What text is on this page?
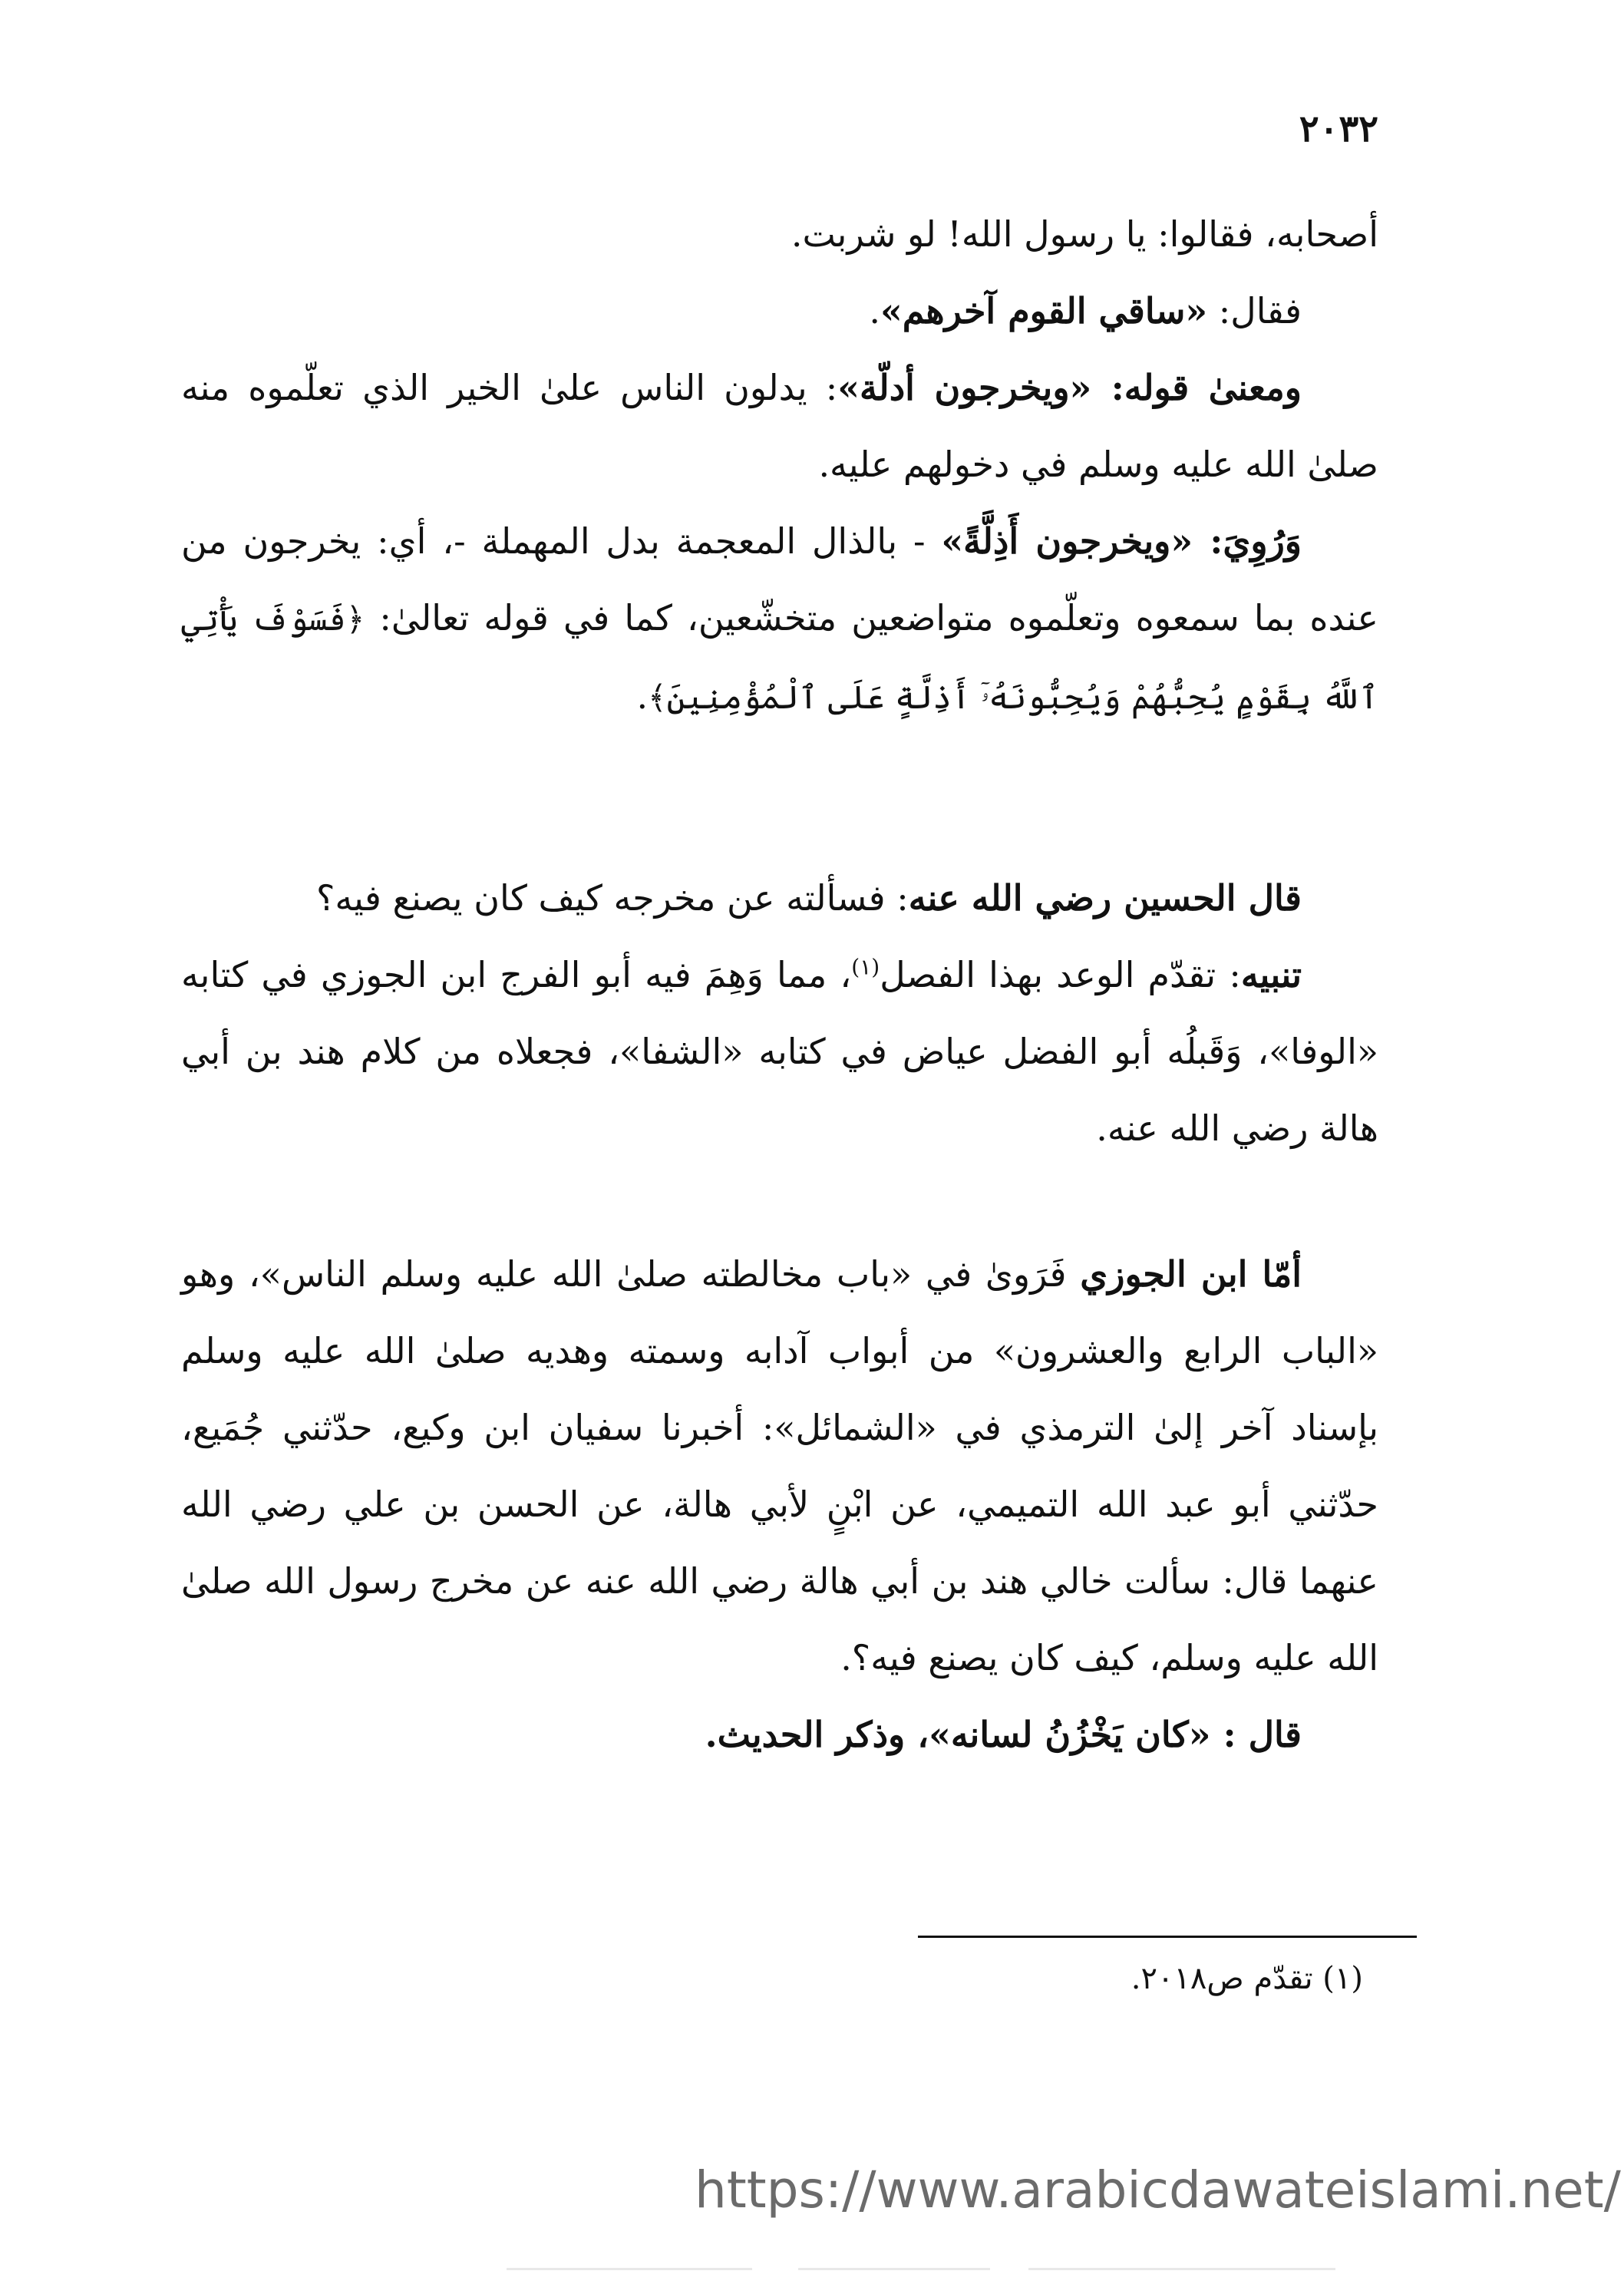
٢٠٣٢

أصحابه، فقالوا: يا رسول الله! لو شربت.

فقال: «ساقي القوم آخرهم».

ومعنىٰ قوله: «ويخرجون أدلّة»: يدلون الناس علىٰ الخير الذي تعلّموه منه صلىٰ الله عليه وسلم في دخولهم عليه.

وَرُوِيَ: «ويخرجون أَذِلَّةً» - بالذال المعجمة بدل المهملة -، أي: يخرجون من عنده بما سمعوه وتعلّموه متواضعين متخشّعين، كما في قوله تعالىٰ: ﴿فَسَوْفَ يَأْتِي ٱللَّهُ بِقَوْمٍ يُحِبُّهُمْ وَيُحِبُّونَهُۥٓ أَذِلَّةٍ عَلَى ٱلْمُؤْمِنِينَ﴾.

قال الحسين رضي الله عنه: فسألته عن مخرجه كيف كان يصنع فيه؟

تنبيه: تقدّم الوعد بهذا الفصل$^{(١)}$، مما وَهِمَ فيه أبو الفرج ابن الجوزي في كتابه «الوفا»، وَقَبلُه أبو الفضل عياض في كتابه «الشفا»، فجعلاه من كلام هند بن أبي هالة رضي الله عنه.

أمّا ابن الجوزي فَرَوىٰ في «باب مخالطته صلىٰ الله عليه وسلم الناس»، وهو «الباب الرابع والعشرون» من أبواب آدابه وسمته وهديه صلىٰ الله عليه وسلم بإسناد آخر إلىٰ الترمذي في «الشمائل»: أخبرنا سفيان ابن وكيع، حدّثني جُمَيع، حدّثني أبو عبد الله التميمي، عن ابْنٍ لأبي هالة، عن الحسن بن علي رضي الله عنهما قال: سألت خالي هند بن أبي هالة رضي الله عنه عن مخرج رسول الله صلىٰ الله عليه وسلم، كيف كان يصنع فيه؟.

قال : «كان يَخْزُنُ لسانه»، وذكر الحديث.

(١) تقدّم ص٢٠١٨.
https://www.arabicdawateislami.net/
